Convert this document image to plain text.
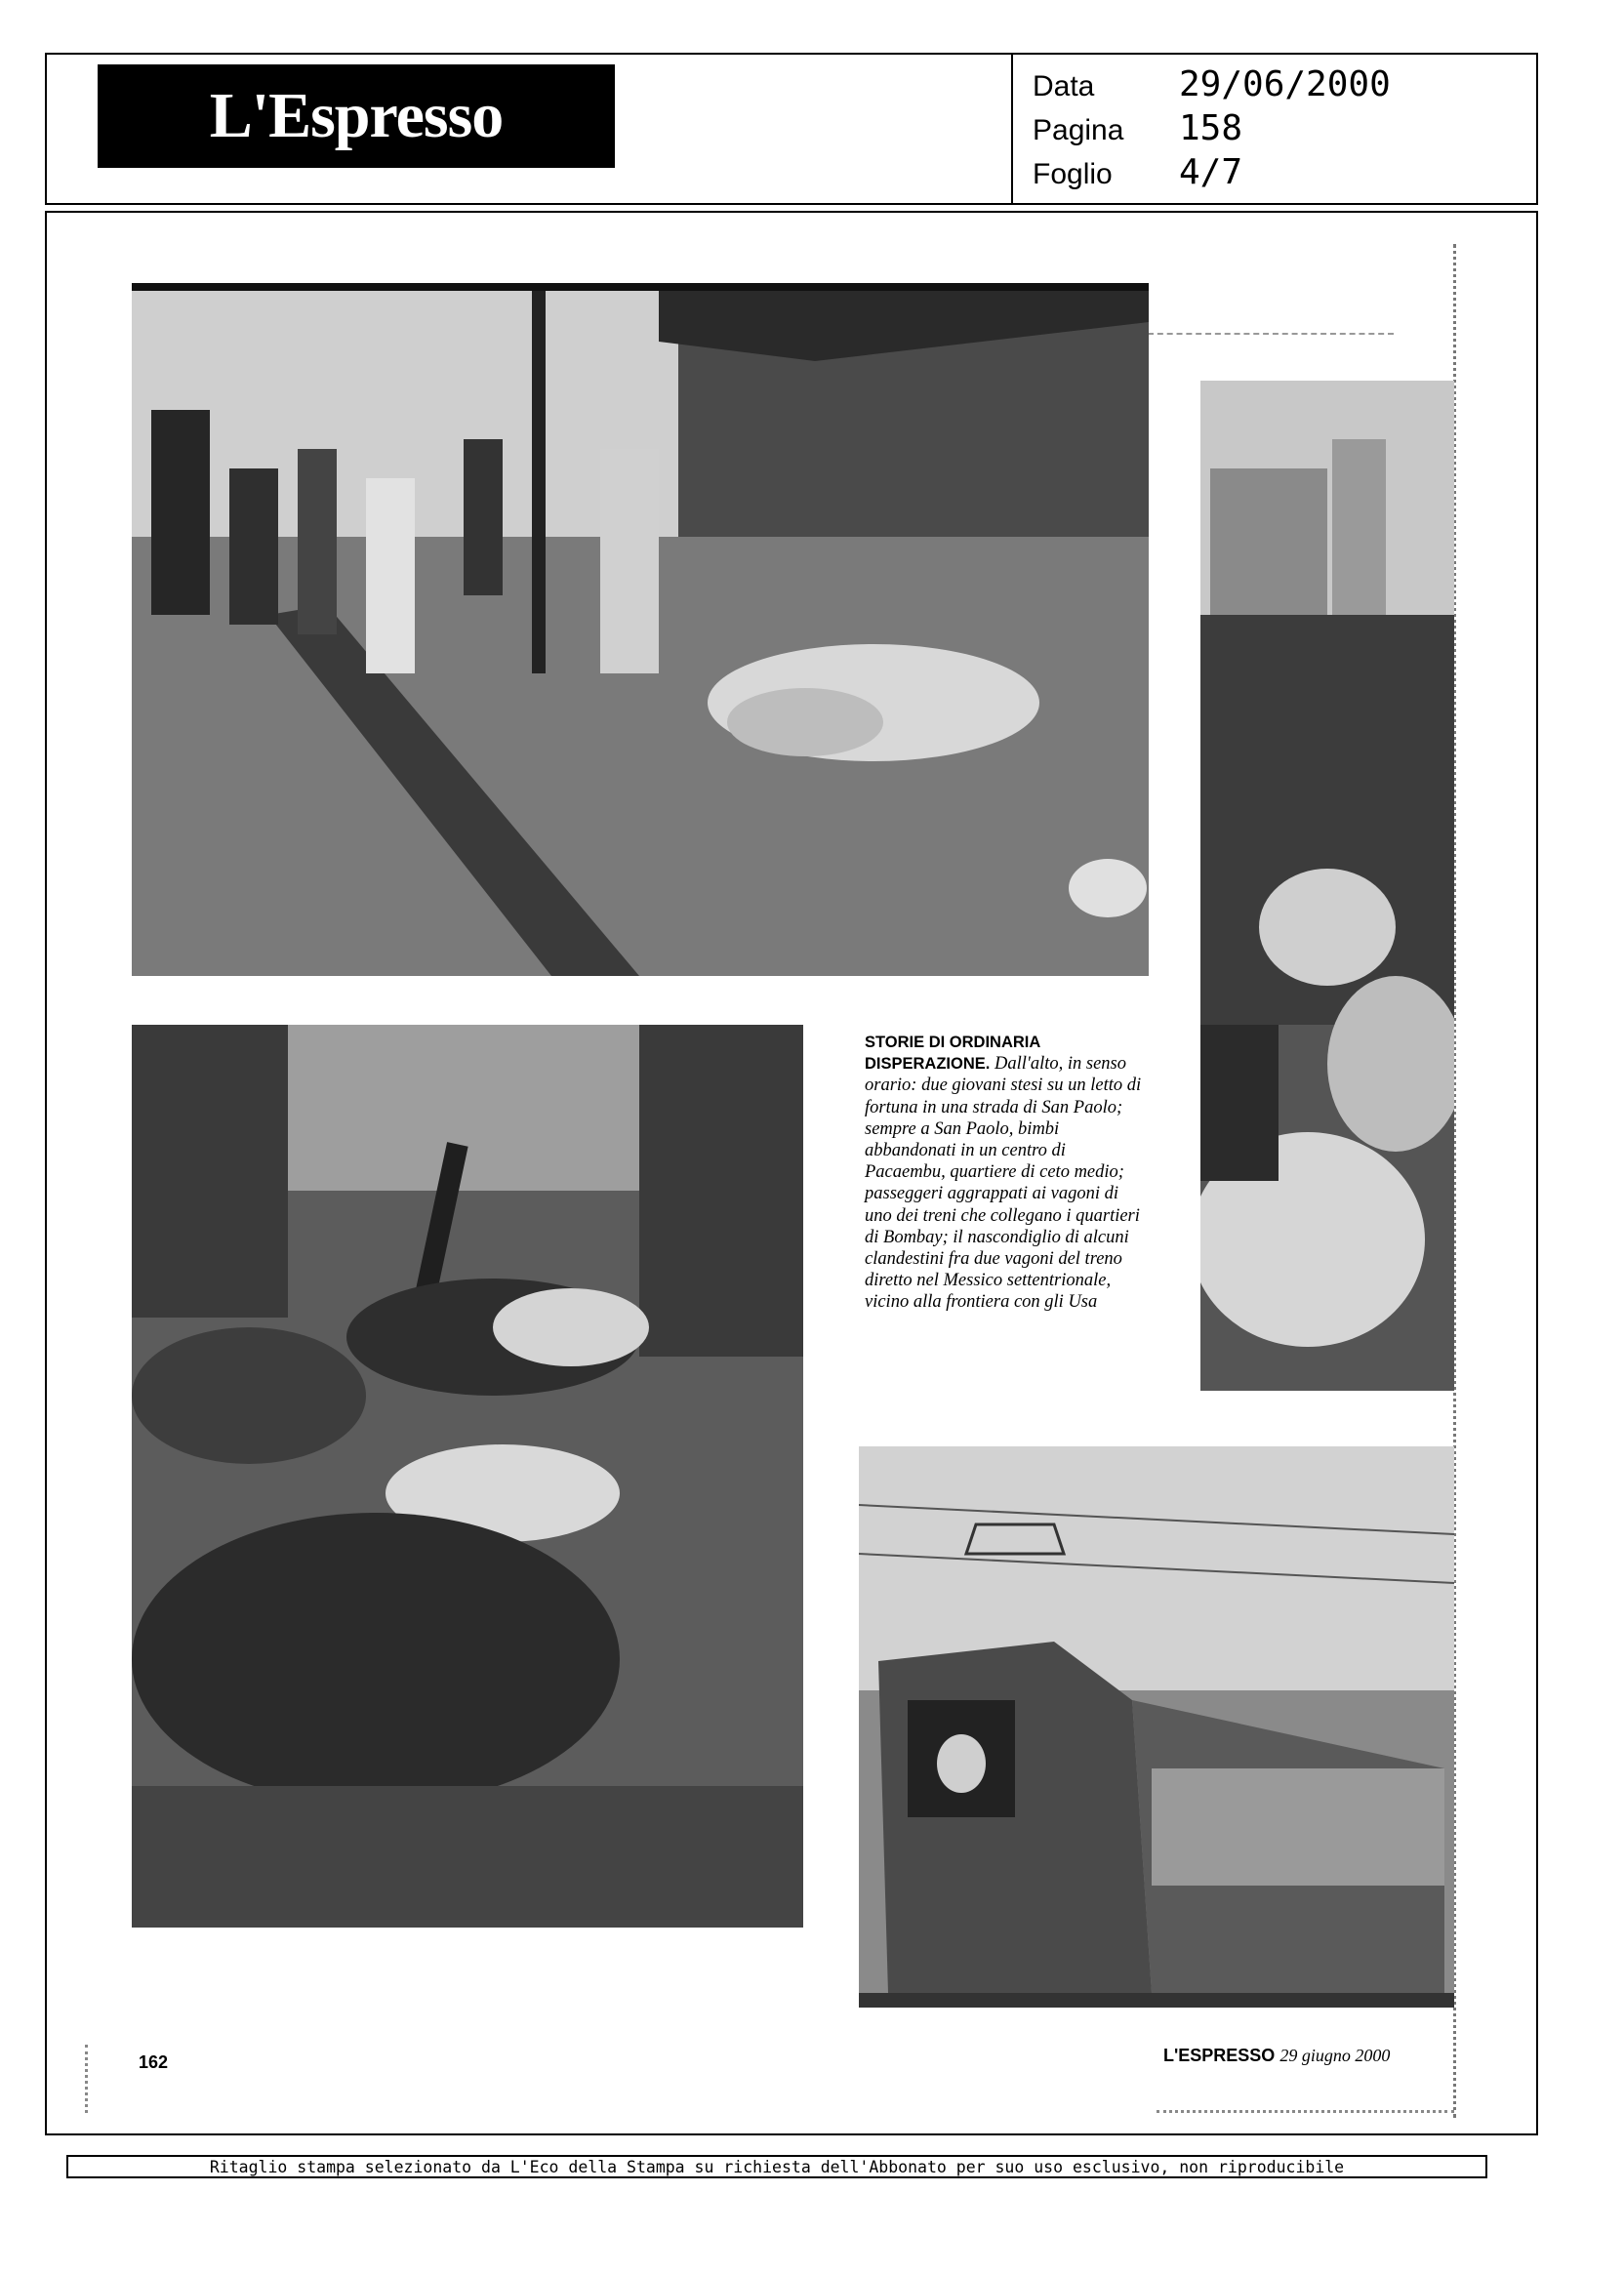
L'Espresso	Data	29/06/2000
Pagina	158
Foglio	4/7
STORIE DI ORDINARIA DISPERAZIONE. Dall'alto, in senso orario: due giovani stesi su un letto di fortuna in una strada di San Paolo; sempre a San Paolo, bimbi abbandonati in un centro di Pacaembu, quartiere di ceto medio; passeggeri aggrappati ai vagoni di uno dei treni che collegano i quartieri di Bombay; il nascondiglio di alcuni clandestini fra due vagoni del treno diretto nel Messico settentrionale, vicino alla frontiera con gli Usa
162	L'ESPRESSO 29 giugno 2000
Ritaglio stampa selezionato da L'Eco della Stampa su richiesta dell'Abbonato per suo uso esclusivo, non riproducibile
